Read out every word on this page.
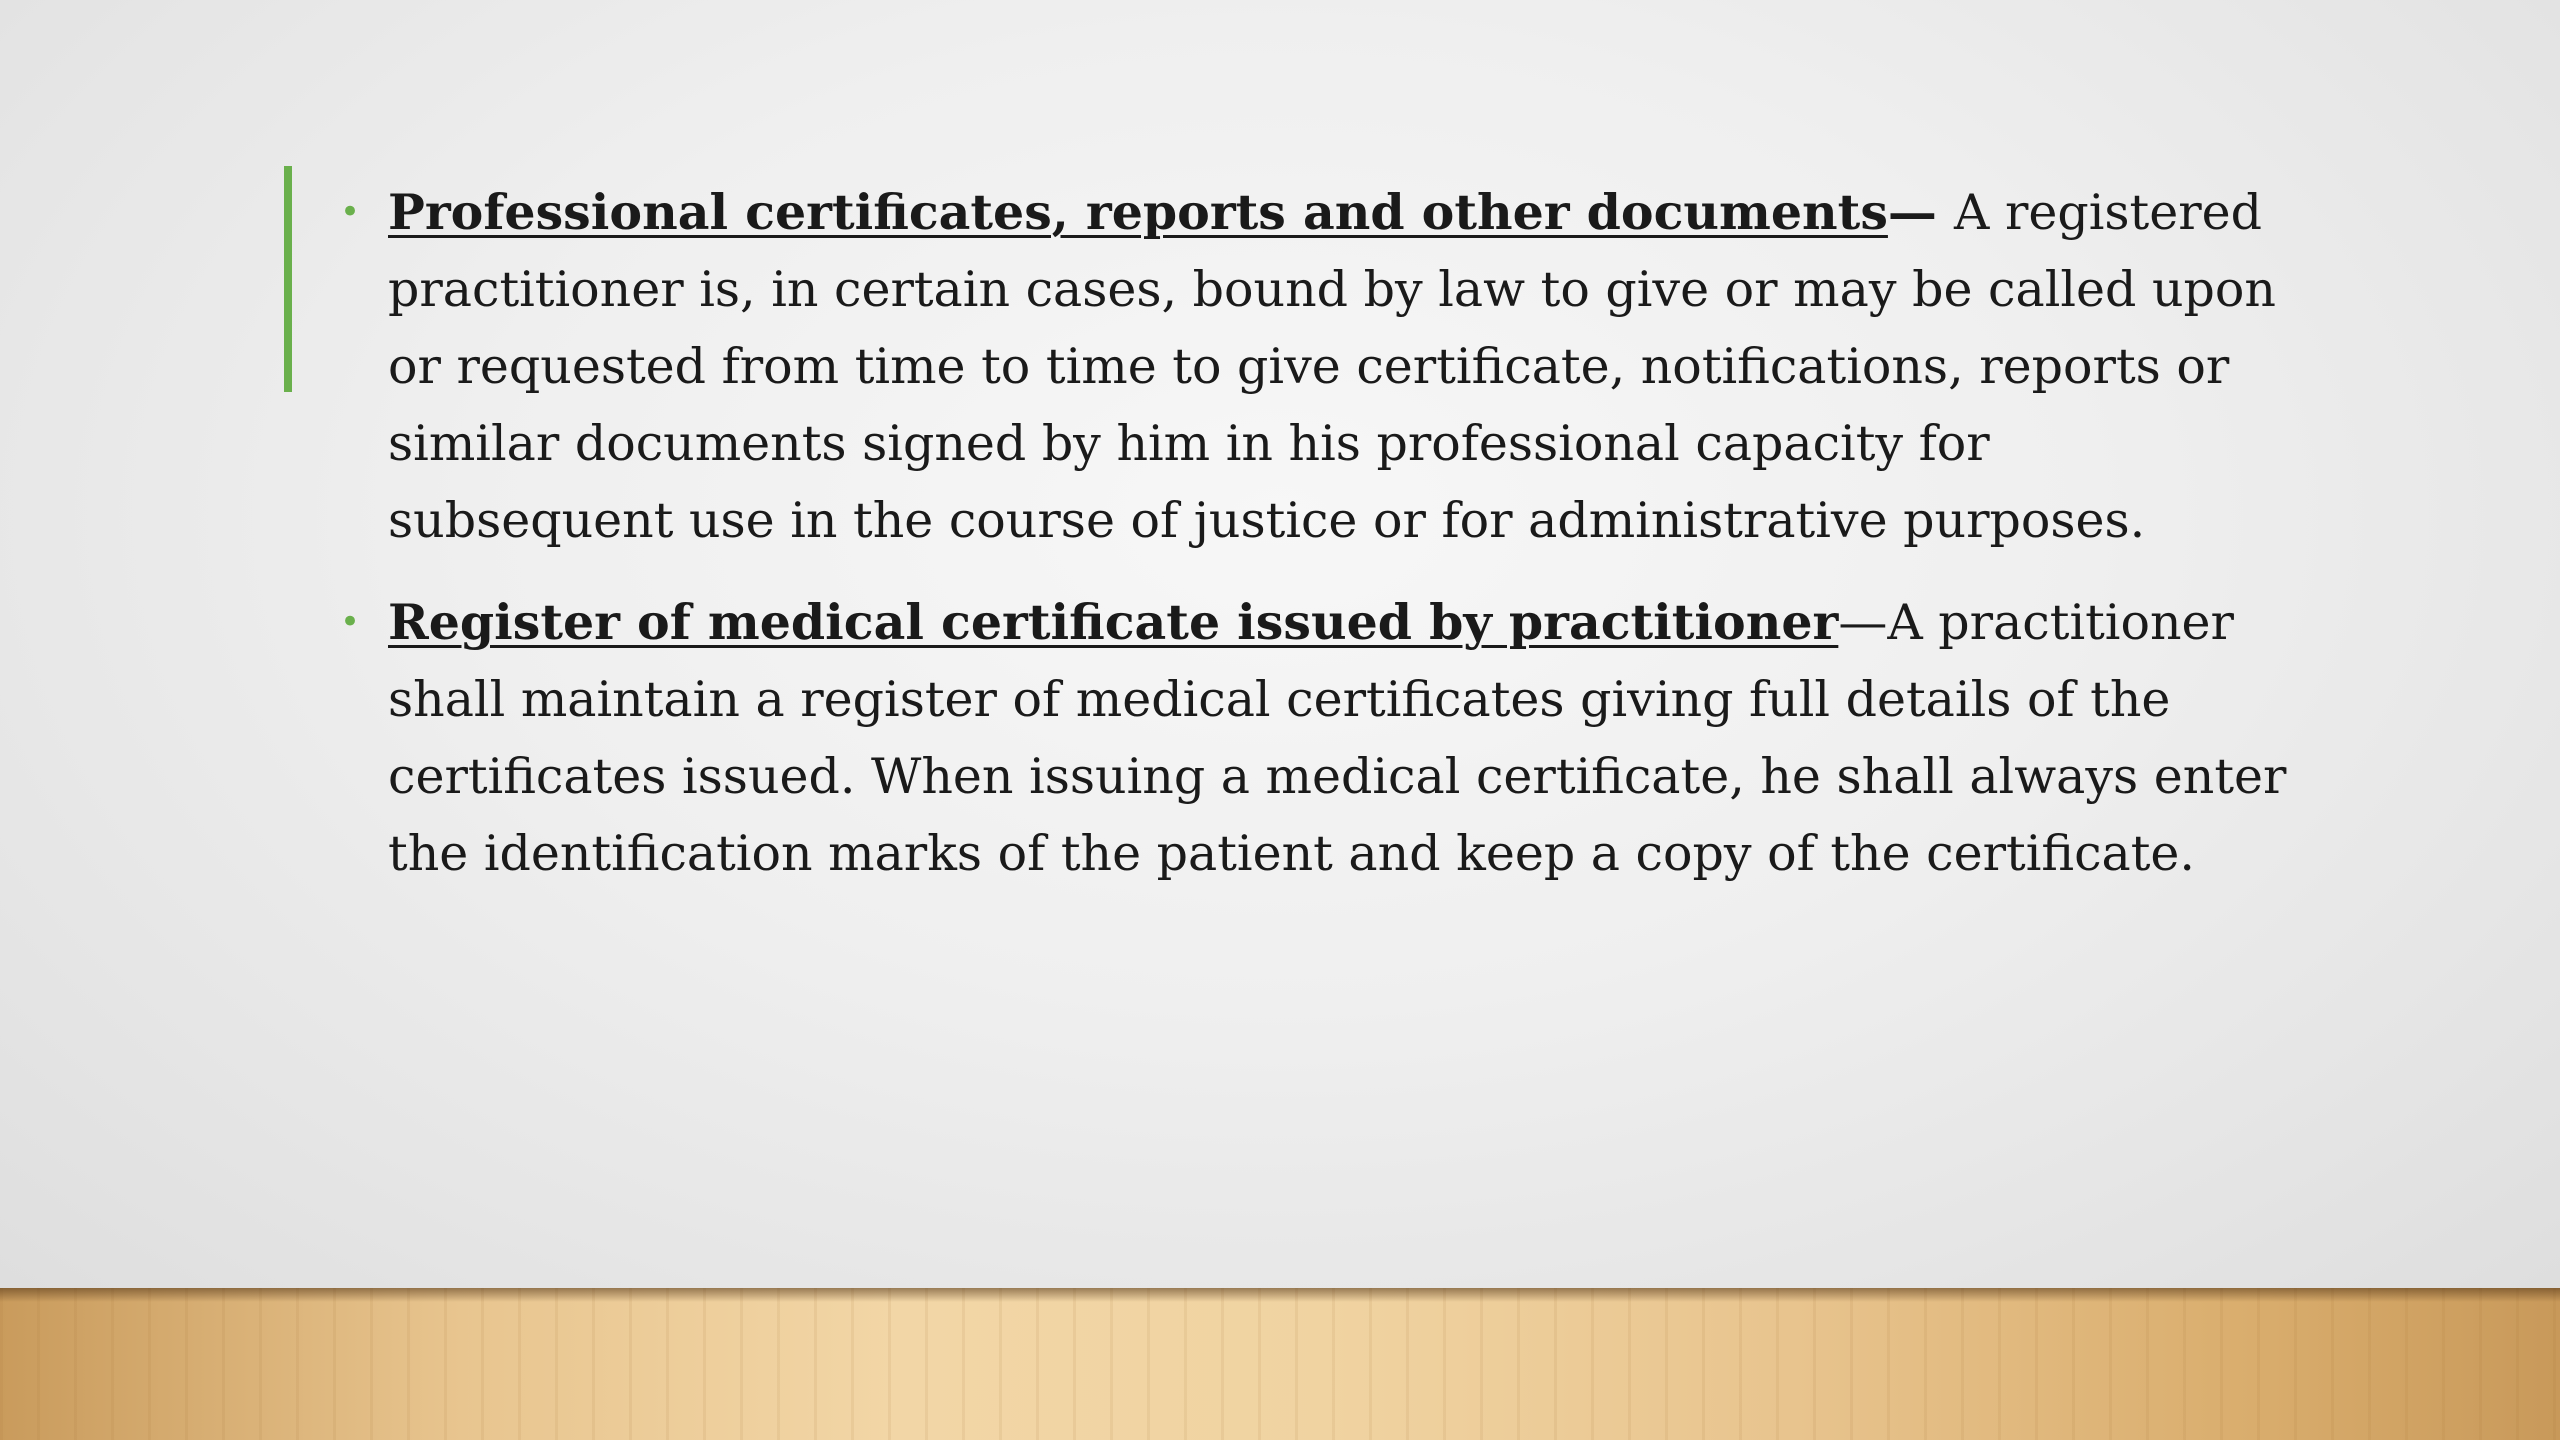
• Professional certificates, reports and other documents— A registered practitioner is, in certain cases, bound by law to give or may be called upon or requested from time to time to give certificate, notifications, reports or similar documents signed by him in his professional capacity for subsequent use in the course of justice or for administrative purposes.
• Register of medical certificate issued by practitioner—A practitioner shall maintain a register of medical certificates giving full details of the certificates issued. When issuing a medical certificate, he shall always enter the identification marks of the patient and keep a copy of the certificate.
